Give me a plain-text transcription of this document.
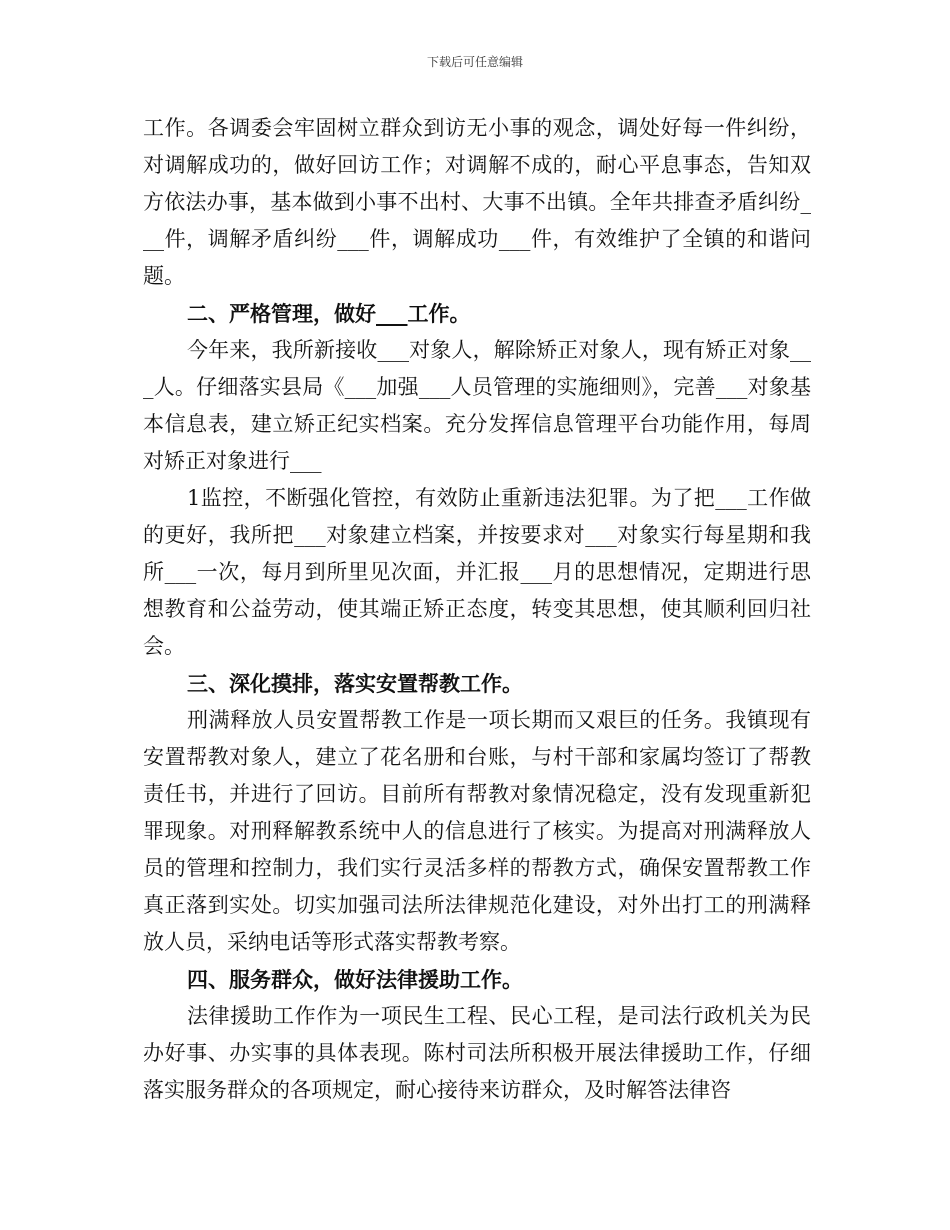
下载后可任意编辑

工作。各调委会牢固树立群众到访无小事的观念，调处好每一件纠纷，对调解成功的，做好回访工作；对调解不成的，耐心平息事态，告知双方依法办事，基本做到小事不出村、大事不出镇。全年共排查矛盾纠纷___件，调解矛盾纠纷___件，调解成功___件，有效维护了全镇的和谐问题。

二、严格管理，做好___工作。

今年来，我所新接收___对象人，解除矫正对象人，现有矫正对象___人。仔细落实县局《___加强___人员管理的实施细则》，完善___对象基本信息表，建立矫正纪实档案。充分发挥信息管理平台功能作用，每周对矫正对象进行___

1监控，不断强化管控，有效防止重新违法犯罪。为了把___工作做的更好，我所把___对象建立档案，并按要求对___对象实行每星期和我所___一次，每月到所里见次面，并汇报___月的思想情况，定期进行思想教育和公益劳动，使其端正矫正态度，转变其思想，使其顺利回归社会。

三、深化摸排，落实安置帮教工作。

刑满释放人员安置帮教工作是一项长期而又艰巨的任务。我镇现有安置帮教对象人，建立了花名册和台账，与村干部和家属均签订了帮教责任书，并进行了回访。目前所有帮教对象情况稳定，没有发现重新犯罪现象。对刑释解教系统中人的信息进行了核实。为提高对刑满释放人员的管理和控制力，我们实行灵活多样的帮教方式，确保安置帮教工作真正落到实处。切实加强司法所法律规范化建设，对外出打工的刑满释放人员，采纳电话等形式落实帮教考察。

四、服务群众，做好法律援助工作。

法律援助工作作为一项民生工程、民心工程，是司法行政机关为民办好事、办实事的具体表现。陈村司法所积极开展法律援助工作，仔细落实服务群众的各项规定，耐心接待来访群众，及时解答法律咨
